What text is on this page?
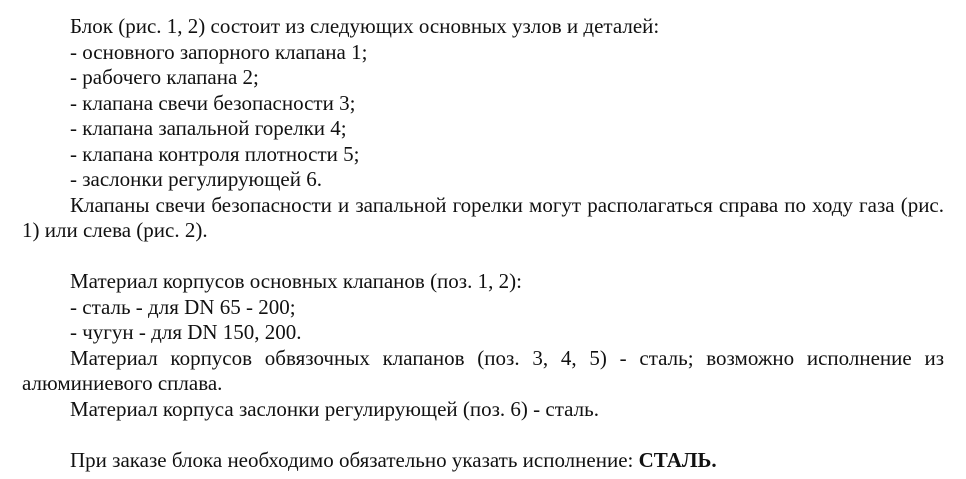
Блок (рис. 1, 2) состоит из следующих основных узлов и деталей:
- основного запорного клапана 1;
- рабочего клапана 2;
- клапана свечи безопасности 3;
- клапана запальной горелки 4;
- клапана контроля плотности 5;
- заслонки регулирующей 6.
Клапаны свечи безопасности и запальной горелки могут располагаться справа по ходу газа (рис. 1) или слева (рис. 2).
Материал корпусов основных клапанов (поз. 1, 2):
- сталь - для DN 65 - 200;
- чугун - для DN 150, 200.
Материал корпусов обвязочных клапанов (поз. 3, 4, 5) - сталь; возможно исполнение из алюминиевого сплава.
Материал корпуса заслонки регулирующей (поз. 6) - сталь.
При заказе блока необходимо обязательно указать исполнение: СТАЛЬ.
